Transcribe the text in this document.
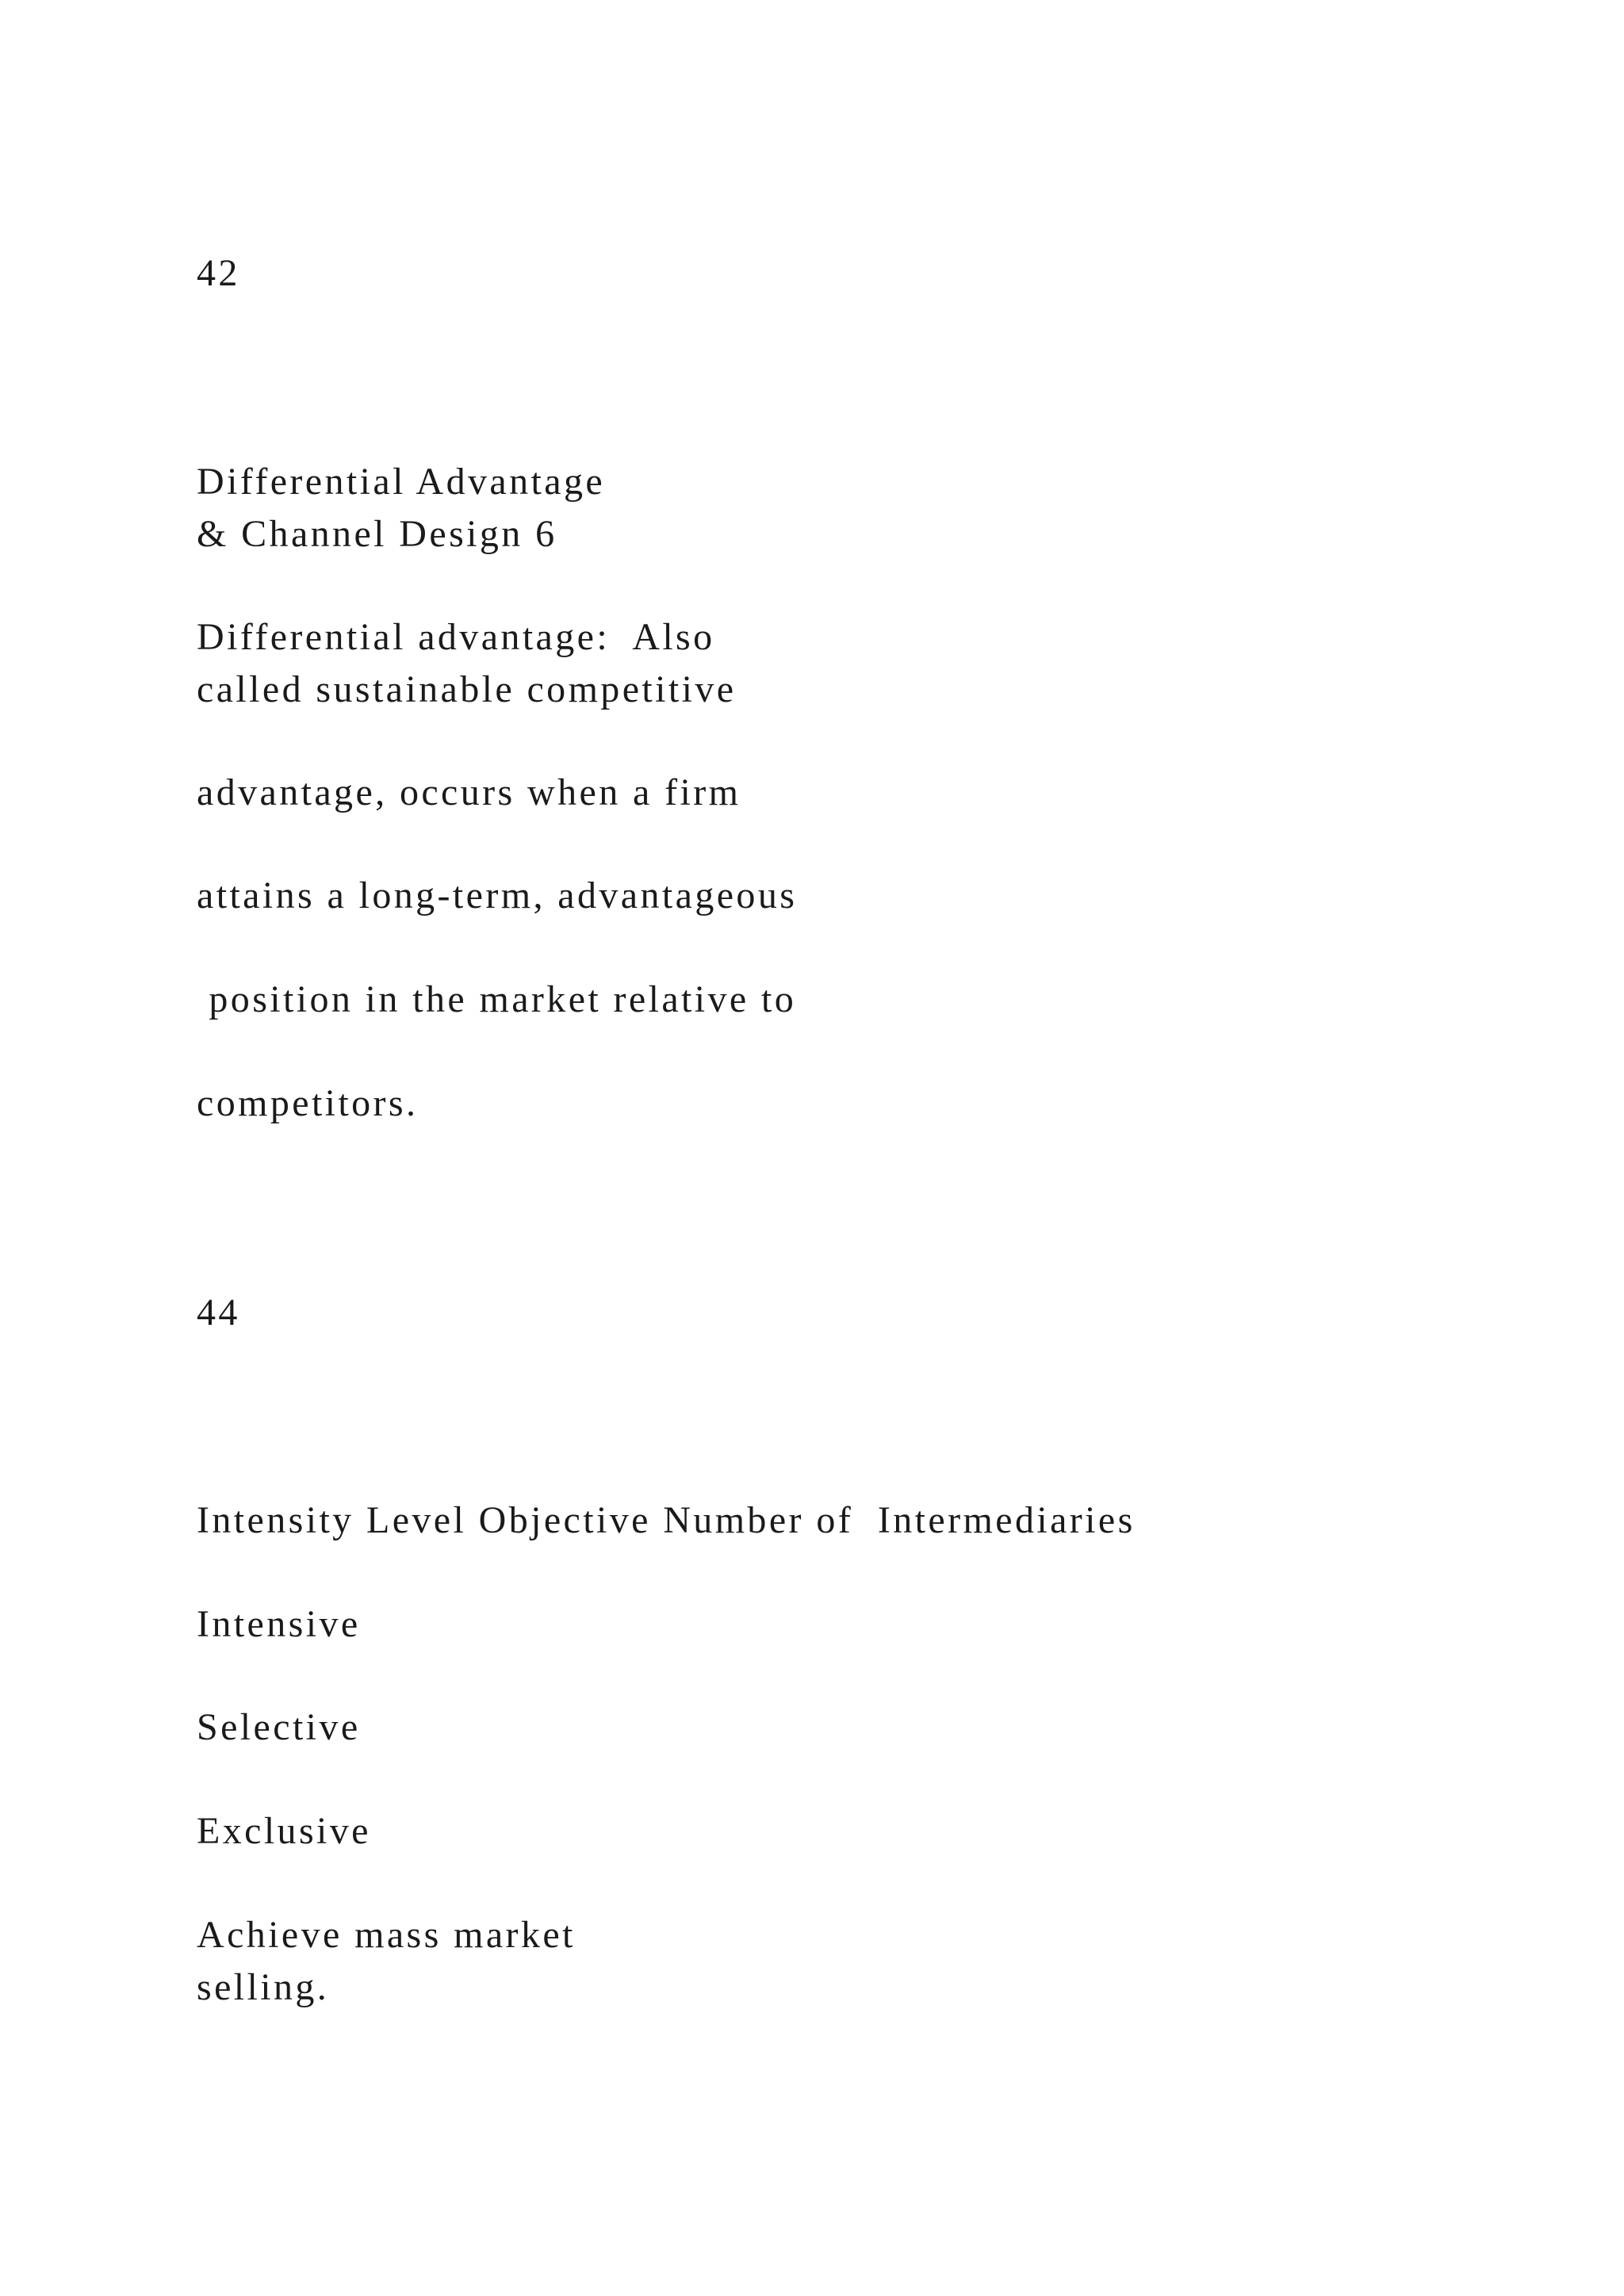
42

Differential Advantage

& Channel Design 6

Differential advantage:  Also

called sustainable competitive

advantage, occurs when a firm

attains a long-term, advantageous

position in the market relative to

competitors.

44

Intensity Level Objective Number of  Intermediaries

Intensive

Selective

Exclusive

Achieve mass market

selling.
